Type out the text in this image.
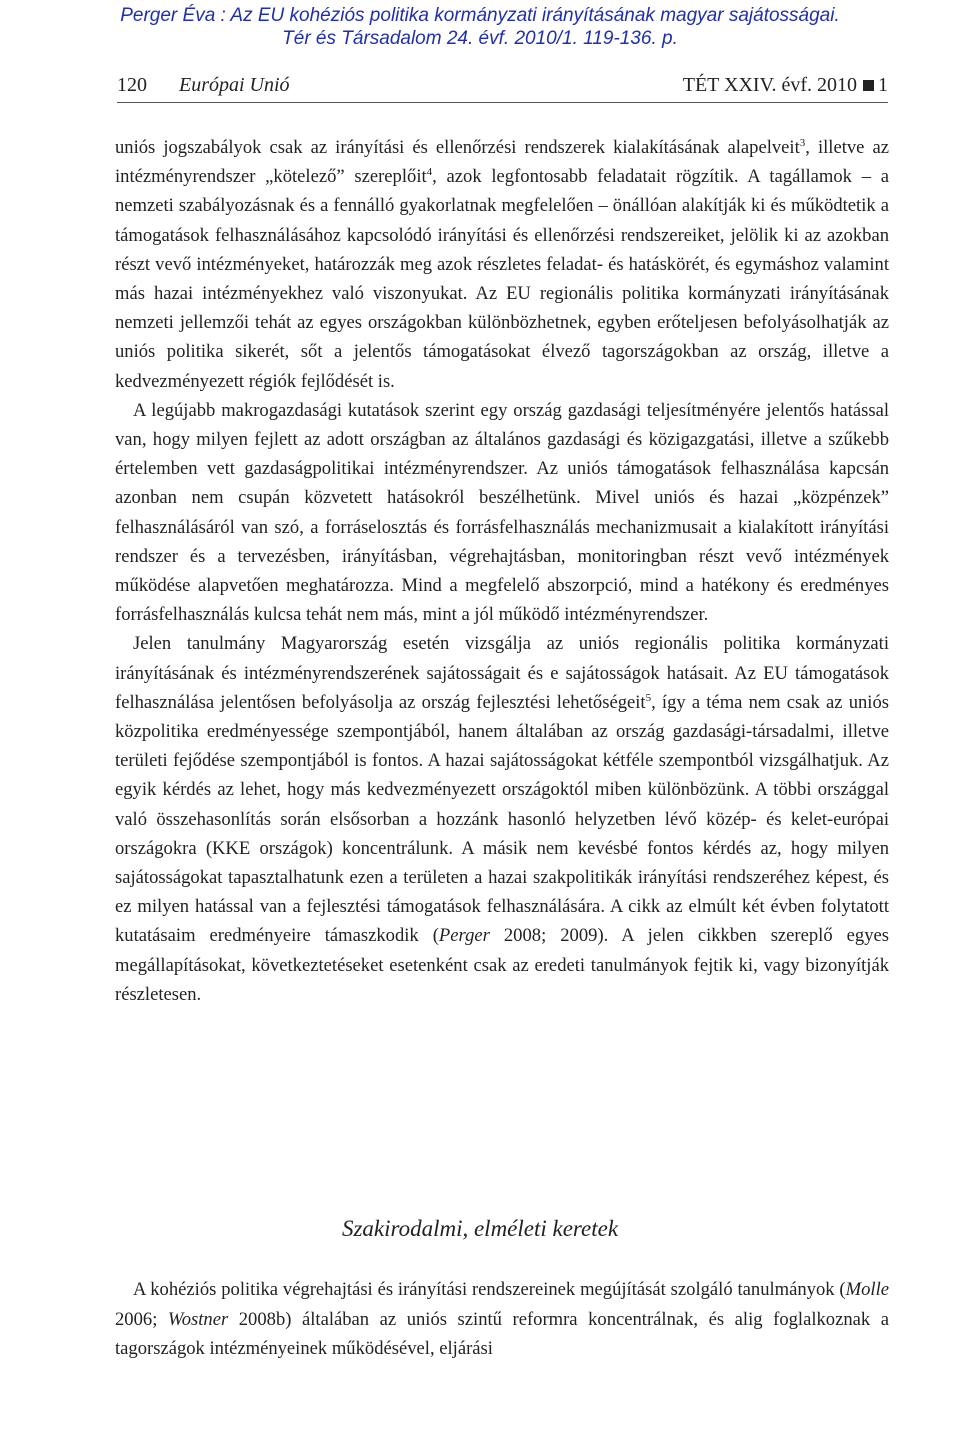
Perger Éva : Az EU kohéziós politika kormányzati irányításának magyar sajátosságai.
Tér és Társadalom 24. évf. 2010/1. 119-136. p.
120 Európai Unió	TÉT XXIV. évf. 2010 1

uniós jogszabályok csak az irányítási és ellenőrzési rendszerek kialakításának alapelveit$^3$, illetve az intézményrendszer „kötelező” szereplőit$^4$, azok legfontosabb feladatait rögzítik. A tagállamok – a nemzeti szabályozásnak és a fennálló gyakorlatnak megfelelően – önállóan alakítják ki és működtetik a támogatások felhasználásához kapcsolódó irányítási és ellenőrzési rendszereiket, jelölik ki az azokban részt vevő intézményeket, határozzák meg azok részletes feladat- és hatáskörét, és egymáshoz valamint más hazai intézményekhez való viszonyukat. Az EU regionális politika kormányzati irányításának nemzeti jellemzői tehát az egyes országokban különbözhetnek, egyben erőteljesen befolyásolhatják az uniós politika sikerét, sőt a jelentős támogatásokat élvező tagországokban az ország, illetve a kedvezményezett régiók fejlődését is.

A legújabb makrogazdasági kutatások szerint egy ország gazdasági teljesítményére jelentős hatással van, hogy milyen fejlett az adott országban az általános gazdasági és közigazgatási, illetve a szűkebb értelemben vett gazdaságpolitikai intézményrendszer. Az uniós támogatások felhasználása kapcsán azonban nem csupán közvetett hatásokról beszélhetünk. Mivel uniós és hazai „közpénzek” felhasználásáról van szó, a forráselosztás és forrásfelhasználás mechanizmusait a kialakított irányítási rendszer és a tervezésben, irányításban, végrehajtásban, monitoringban részt vevő intézmények működése alapvetően meghatározza. Mind a megfelelő abszorpció, mind a hatékony és eredményes forrásfelhasználás kulcsa tehát nem más, mint a jól működő intézményrendszer.

Jelen tanulmány Magyarország esetén vizsgálja az uniós regionális politika kormányzati irányításának és intézményrendszerének sajátosságait és e sajátosságok hatásait. Az EU támogatások felhasználása jelentősen befolyásolja az ország fejlesztési lehetőségeit$^5$, így a téma nem csak az uniós közpolitika eredményessége szempontjából, hanem általában az ország gazdasági-társadalmi, illetve területi fejődése szempontjából is fontos. A hazai sajátosságokat kétféle szempontból vizsgálhatjuk. Az egyik kérdés az lehet, hogy más kedvezményezett országoktól miben különbözünk. A többi országgal való összehasonlítás során elsősorban a hozzánk hasonló helyzetben lévő közép- és kelet-európai országokra (KKE országok) koncentrálunk. A másik nem kevésbé fontos kérdés az, hogy milyen sajátosságokat tapasztalhatunk ezen a területen a hazai szakpolitikák irányítási rendszeréhez képest, és ez milyen hatással van a fejlesztési támogatások felhasználására. A cikk az elmúlt két évben folytatott kutatásaim eredményeire támaszkodik (Perger 2008; 2009). A jelen cikkben szereplő egyes megállapításokat, következtetéseket esetenként csak az eredeti tanulmányok fejtik ki, vagy bizonyítják részletesen.

Szakirodalmi, elméleti keretek

A kohéziós politika végrehajtási és irányítási rendszereinek megújítását szolgáló tanulmányok (Molle 2006; Wostner 2008b) általában az uniós szintű reformra koncentrálnak, és alig foglalkoznak a tagországok intézményeinek működésével, eljárási
